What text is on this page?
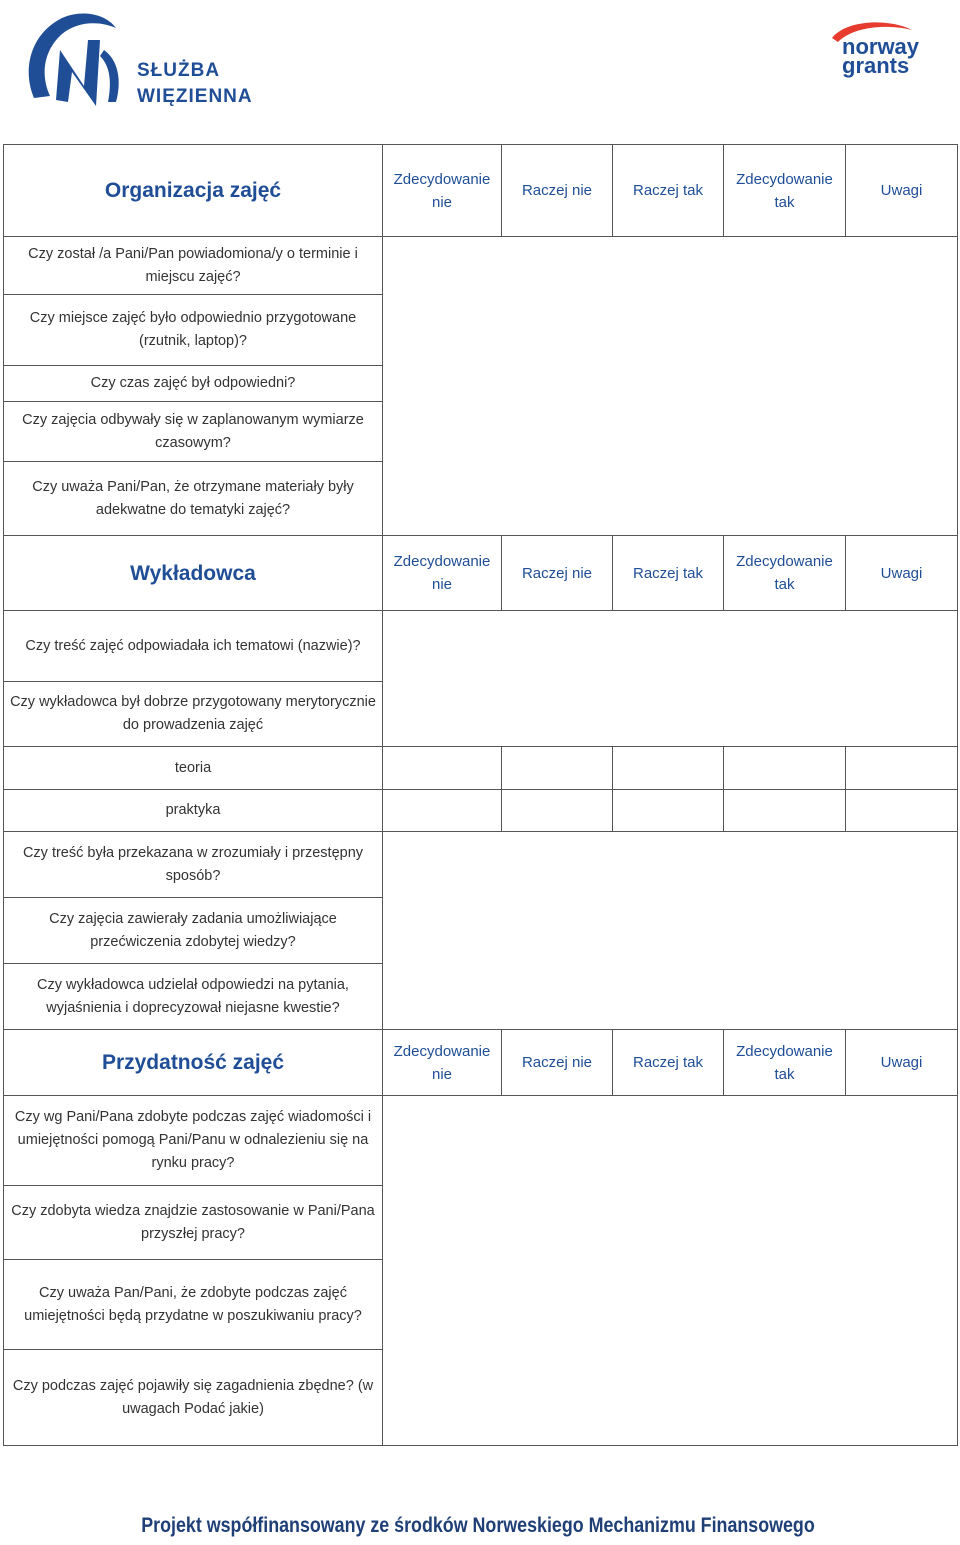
SŁUŻBA
WIĘZIENNA
norway
grants
Organizacja zajęć	Zdecydowanie nie	Raczej nie	Raczej tak	Zdecydowanie tak	Uwagi
Czy został /a Pani/Pan powiadomiona/y o terminie i miejscu zajęć?					
Czy miejsce zajęć było odpowiednio przygotowane (rzutnik, laptop)?					
Czy czas zajęć był odpowiedni?					
Czy zajęcia odbywały się w zaplanowanym wymiarze czasowym?					
Czy uważa Pani/Pan, że otrzymane materiały były adekwatne do tematyki zajęć?					
Wykładowca	Zdecydowanie nie	Raczej nie	Raczej tak	Zdecydowanie tak	Uwagi
Czy treść zajęć odpowiadała ich tematowi (nazwie)?					
Czy wykładowca był dobrze przygotowany merytorycznie do prowadzenia zajęć					
teoria					
praktyka					
Czy treść była przekazana w zrozumiały i przestępny sposób?					
Czy zajęcia zawierały zadania umożliwiające przećwiczenia zdobytej wiedzy?					
Czy wykładowca udzielał odpowiedzi na pytania, wyjaśnienia i doprecyzował niejasne kwestie?					
Przydatność zajęć	Zdecydowanie nie	Raczej nie	Raczej tak	Zdecydowanie tak	Uwagi
Czy wg Pani/Pana zdobyte podczas zajęć wiadomości i umiejętności pomogą Pani/Panu w odnalezieniu się na rynku pracy?					
Czy zdobyta wiedza znajdzie zastosowanie w Pani/Pana przyszłej pracy?					
Czy uważa Pan/Pani, że zdobyte podczas zajęć umiejętności będą przydatne w poszukiwaniu pracy?					
Czy podczas zajęć pojawiły się zagadnienia zbędne? (w uwagach Podać jakie)					
Projekt współfinansowany ze środków Norweskiego Mechanizmu Finansowego
